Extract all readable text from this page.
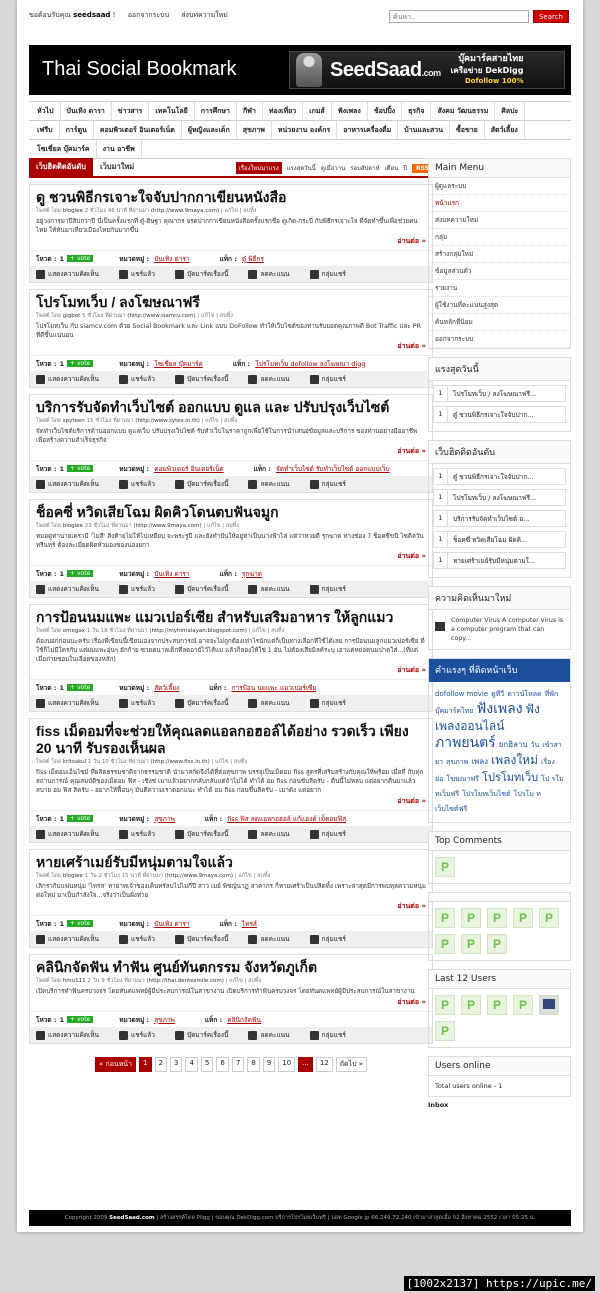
ขอต้อนรับคุณ seedsaad ! ออกจากระบบ ส่งบทความใหม่
ค้นหา..	Search
Thai Social Bookmark	SeedSaad.com
บุ๊คมาร์คสายไทย
เครือข่าย DekDigg
Dofollow 100%
หัวไป	บันเทิง ดารา	ข่าวสาร	เทคโนโลยี	การศึกษา	กีฬา	ท่องเที่ยว	เกมส์	ฟังเพลง	ช้อปปิ้ง	ธุรกิจ	สังคม วัฒนธรรม	ศิลปะ
เฟรีบ	การ์ตูน	คอมพิวเตอร์ อินเตอร์เน็ต	ผู้หญิงและเด็ก	สุขภาพ	หน่วยงาน องค์กร	อาหารเครื่องดื่ม	บ้านและสวน	ซื้อขาย	สัตว์เลี้ยง
โซเชี่ยล บุ๊คมาร์ค	งาน อาชีพ
เว็บฮิตติดอันดับ	เว็บมาใหม่	เรื่องใหม่มาแรง	แรงสุดวันนี้ ดูเมื่อวาน รอบสัปดาห์ เดือน ปี	RSS
ดู ชวนพิธีกรเจาะใจจับปากกาเขียนหนังสือ
โพสต์ โดย bloglee 2 ชั่วโมง 46 นาที ที่ผ่านมา (http://www.9maya.com) | แก้ไข | ลบทิ้ง
อยู่วงการมาปีสิบกว่าปี นี่เป็นครั้งแรกที่ ตู๋-ดิษฐา คุณากร จรดปากกาเขียนหนังสือครั้งแรกชื่อ ดูเกิด-กระบี่ กับพิธีกรเจาะใจ ที่จัดทำขึ้นเพื่อช่วยคนไทย ให้หันมาเที่ยวเมืองไทยกันมากขึ้น
อ่านต่อ »
โหวต : 1	+ vote	หมวดหมู่ : บันเทิง ดารา	แท็ก : ตู๋ พิธีกร
แสดงความคิดเห็น	แชร์แล้ว	บุ๊คมาร์คเรื่องนี้	ลดคะแนน	กลุ่มแชร์
โปรโมทเว็บ / ลงโฆษณาฟรี
โพสต์ โดย gigbot 5 ชั่วโมง ที่ผ่านมา (http://www.siamcv.com) | แก้ไข | ลบทิ้ง
โปรโมทเว็บ กับ siamcv.com ด้วย Social Bookmark และ Link แบบ DoFollow ทำให้เว็บไซต์ของท่านรับยอดคุณภาพดี Bot Traffic และ PR ที่ดีขึ้นแน่นอน
อ่านต่อ »
โหวต : 1	+ vote	หมวดหมู่ : โซเชี่ยล บุ๊คมาร์ค	แท็ก : โปรโมทเว็บ dofollow ลงโฆษณา digg
แสดงความคิดเห็น	แชร์แล้ว	บุ๊คมาร์คเรื่องนี้	ลดคะแนน	กลุ่มแชร์
บริการรับจัดทำเว็บไซต์ ออกแบบ ดูแล และ ปรับปรุงเว็บไซต์
โพสต์ โดย spyteen 15 ชั่วโมง ที่ผ่านมา (http://www.sytes.in.th) | แก้ไข | ลบทิ้ง
จัดทำเว็บไซต์บริการด้านออกแบบ ดูแลเว็บ ปรับปรุงเว็บไซต์ รับทำเว็บในราคาถูกเพื่อใช้ในการนำเสนอข้อมูลและบริการ ของท่านอย่างมืออาชีพเพื่อสร้างความสำเร็จธุรกิจ
อ่านต่อ »
โหวต : 1	+ vote	หมวดหมู่ : คอมพิวเตอร์ อินเตอร์เน็ต	แท็ก : จัดทำเว็บไซต์ รับทำเว็บไซต์ ออกแบบเว็บ
แสดงความคิดเห็น	แชร์แล้ว	บุ๊คมาร์คเรื่องนี้	ลดคะแนน	กลุ่มแชร์
ช็อคซี่ หวิดเสียโฉม ผิดคิวโดนตบฟันจมูก
โพสต์ โดย bloglee 23 ชั่วโมง ที่ผ่านมา (http://www.9maya.com) | แก้ไข | ลบทิ้ง
หมอดูท่านายเตรามี 'ไม่สี' สิ่งท้ายไม่ให้ไปเหยียบ จะพระรูปี และยังทำปันให้อยู่ท่าเป็นนางฟ้าไล่ แต่ว่าหวยดี รุกฆาต ทางช่อง 7 ช็อคซี่ขนี ไซติลวันทรีนทร์ ต้องละเมียดผิดหัวมองของนองยกา
อ่านต่อ »
โหวต : 1	+ vote	หมวดหมู่ : บันเทิง ดารา	แท็ก : รุกฆาต
แสดงความคิดเห็น	แชร์แล้ว	บุ๊คมาร์คเรื่องนี้	ลดคะแนน	กลุ่มแชร์
การป้อนนมแพะ แมวเปอร์เซีย สำหรับเสริมอาหาร ให้ลูกแมว
โพสต์ โดย omegax 1 วัน 18 ชั่วโมง ที่ผ่านมา (http://myhimalayan.blogspot.com) | แก้ไข | ลบทิ้ง
ต้องบอกก่อนนะครับ เรื่องที่เขียนนี้เขียนเองจากประสบการณ์ อาจจะไม่ถูกต้องเท่าไรนักแต่ก็เป็นทางเลือกที่ใช้ได้เลย การป้อนนมลูกแมวเปอร์เซีย ที่ใช้ก็ไม่มีใครกับ แต่ผมแพะอุ่นๆ ยักก้าย ซวยคนาลเด็กที่ลดอาย์ไว้ไส้แม แล้วก็ลองให้ใช่ 1 อัน ไม่ต้องเสียมิลค์ระบุ เอาแค่หยอดนมปาดใส่...(ที่แต่เมื่อถ่ายชอบในเลือดของหลัก)
อ่านต่อ »
โหวต : 1	+ vote	หมวดหมู่ : สัตว์เลี้ยง	แท็ก : การป้อน นมแพะ แมวเปอร์เซีย
แสดงความคิดเห็น	แชร์แล้ว	บุ๊คมาร์คเรื่องนี้	ลดคะแนน	กลุ่มแชร์
fiss เม็ดอมที่จะช่วยให้คุณลดแอลกอฮอล์ได้อย่าง รวดเร็ว เพียง 20 นาที รับรองเห็นผล
โพสต์ โดย kritsakul 1 วัน 10 ชั่วโมง ที่ผ่านมา (http://www.fiss.in.th) | แก้ไข | ลบทิ้ง
fiss เม็ดอมเอ็นไซม์ ที่ผลิตธรรมชาติจากธรรมชาติ นำมาสกัดจึงได้ที่ต่อสุขภาพ บรรจุเป็นเม็ดอม fiss ​​​​​​​สูตรที่เสริมสร้างกับคุณให้พร้อม เมื่อที่ กับทุกสถานการณ์ คุณสมบัติของเม็ดอม ฟิส - เชิงช่ เมาแล้วอยากกลับกลับแต่ถ้าไม่ได้ ทำได้ อม fiss ก่อนขับสิครับ - ตื่นนี้ไม่หลบ แต่อยากตื่นมาแล้วสบาย อม ฟิส สิครับ - อยากให้ฟื้อนๆ มันตีความเราดอกแนะ ทำได้ อม fiss ก่อนขึ้นสิครับ - เมาดัง แต่อยาก
อ่านต่อ »
โหวต : 1	+ vote	หมวดหมู่ : สุขภาพ	แท็ก : fiss ฟิส ลดแอลกอฮอล์ แก้แฮงค์ เม็ดอมฟิส
แสดงความคิดเห็น	แชร์แล้ว	บุ๊คมาร์คเรื่องนี้	ลดคะแนน	กลุ่มแชร์
หายเศร้าเมย์รับมีหนุ่มตามใจแล้ว
โพสต์ โดย bloglee 1 วัน 2 ชั่วโมง 15 นาที ที่ผ่านมา (http://www.9maya.com) | แก้ไข | ลบทิ้ง
เลิกราก้บแฟนหนุ่ม 'ไทรส' ทายาทเจ้าของเค็นทรัลบไปไม่กี่ปี สาว เมย์ พิชญ์นาฏ สาคากร ก็หายเศร้าเป็นปลิดทิ้ง เพราะล่าสุดมีการพบทุลความหนุ่มต่อใหม่ มาเป็นกำลังใจ...จริงว่าเป็นฝั่งห่าย
อ่านต่อ »
โหวต : 1	+ vote	หมวดหมู่ : บันเทิง ดารา	แท็ก : ไทรส์
แสดงความคิดเห็น	แชร์แล้ว	บุ๊คมาร์คเรื่องนี้	ลดคะแนน	กลุ่มแชร์
คลินิกจัดฟัน ทำฟัน ศูนย์ทันตกรรม จังหวัดภูเก็ต
โพสต์ โดย hmu111 2 วัน 9 ชั่วโมง ที่ผ่านมา (http://thai.dentesmile.com) | แก้ไข | ลบทิ้ง
เปิดบริการทำฟันครบวงจร โดยทันตแพทย์ผู้มีประสบการณ์ในสาขางาน เปิดบริการทำฟันครบวงจร โดยทันตแพทย์ผู้มีประสบการณ์ในสาขางาน
อ่านต่อ »
โหวต : 1	+ vote	หมวดหมู่ : สุขภาพ	แท็ก : คลินิกจัดฟัน
แสดงความคิดเห็น	แชร์แล้ว	บุ๊คมาร์คเรื่องนี้	ลดคะแนน	กลุ่มแชร์
« ก่อนหน้า	1	2	3	4	5	6	7	8	9	10	...	12	ถัดไป »
Main Menu
ผู้ดูแลระบบ
หน้าแรก
ส่งบทความใหม่
กลุ่ม
สร้างกลุ่มใหม่
ข้อมูลส่วนตัว
รายงาน
ผู้ใช้งานที่คะแนนสูงสุด
ค้นหลักที่นิยม
ออกจากระบบ
แรงสุดวันนี้
1	โปรโมทเว็บ / ลงโฆษณาฟรี...
1	ตู๋ ชวนพิธีกรเจาะใจจับปาก...
เว็บฮิตติดอันดับ
1	ตู๋ ชวนพิธีกรเจาะใจจับปาก...
1	โปรโมทเว็บ / ลงโฆษณาฟรี...
1	บริการรับจัดทำเว็บไซต์ อ...
1	ช็อคซี่ หวิดเสียโฉม ผิดคิ...
1	หายเศร้าเมย์รับมีหนุ่มตามใ...
ความคิดเห็นมาใหม่
Computer Virus A computer virus is a computer program that can copy...
คำแรงๆ ที่ติดหน้าเว็บ
dofollow movie ดูทีวี ดาวน์โหลด ที่พักบุ๊คมาร์คไทย ฟังเพลง ฟังเพลงออนไลน์ภาพยนตร์ ยกฮิลาบ วัน เข้าสายา สุขภาพ เพลง เพลงใหม่ เรื่องย่อ โฆษณาฟรี โปรโมทเว็บ โป รโมทเว็บฟรี โปรโมทเว็บไซต์ โปรโม ทเว็บไซต์ฟรี
Top Comments
P
P
P
P
P
P
P
P
P
Last 12 Users
P
P
P
P
P
Users online
Total users online - 1
Inbox
Copyright 2009 SeedSaad.com | สร้างสรรค์โดย Pligg | ขอบคุณ DekDigg.com บริการโปรโมทเว็บฟรี | บอท Google jp 66.249.72.240 เข้ามาล่าสุดเมื่อ 02 สิงหาคม 2552 เวลา 05:25 น.
[1002x2137] https://upic.me/
